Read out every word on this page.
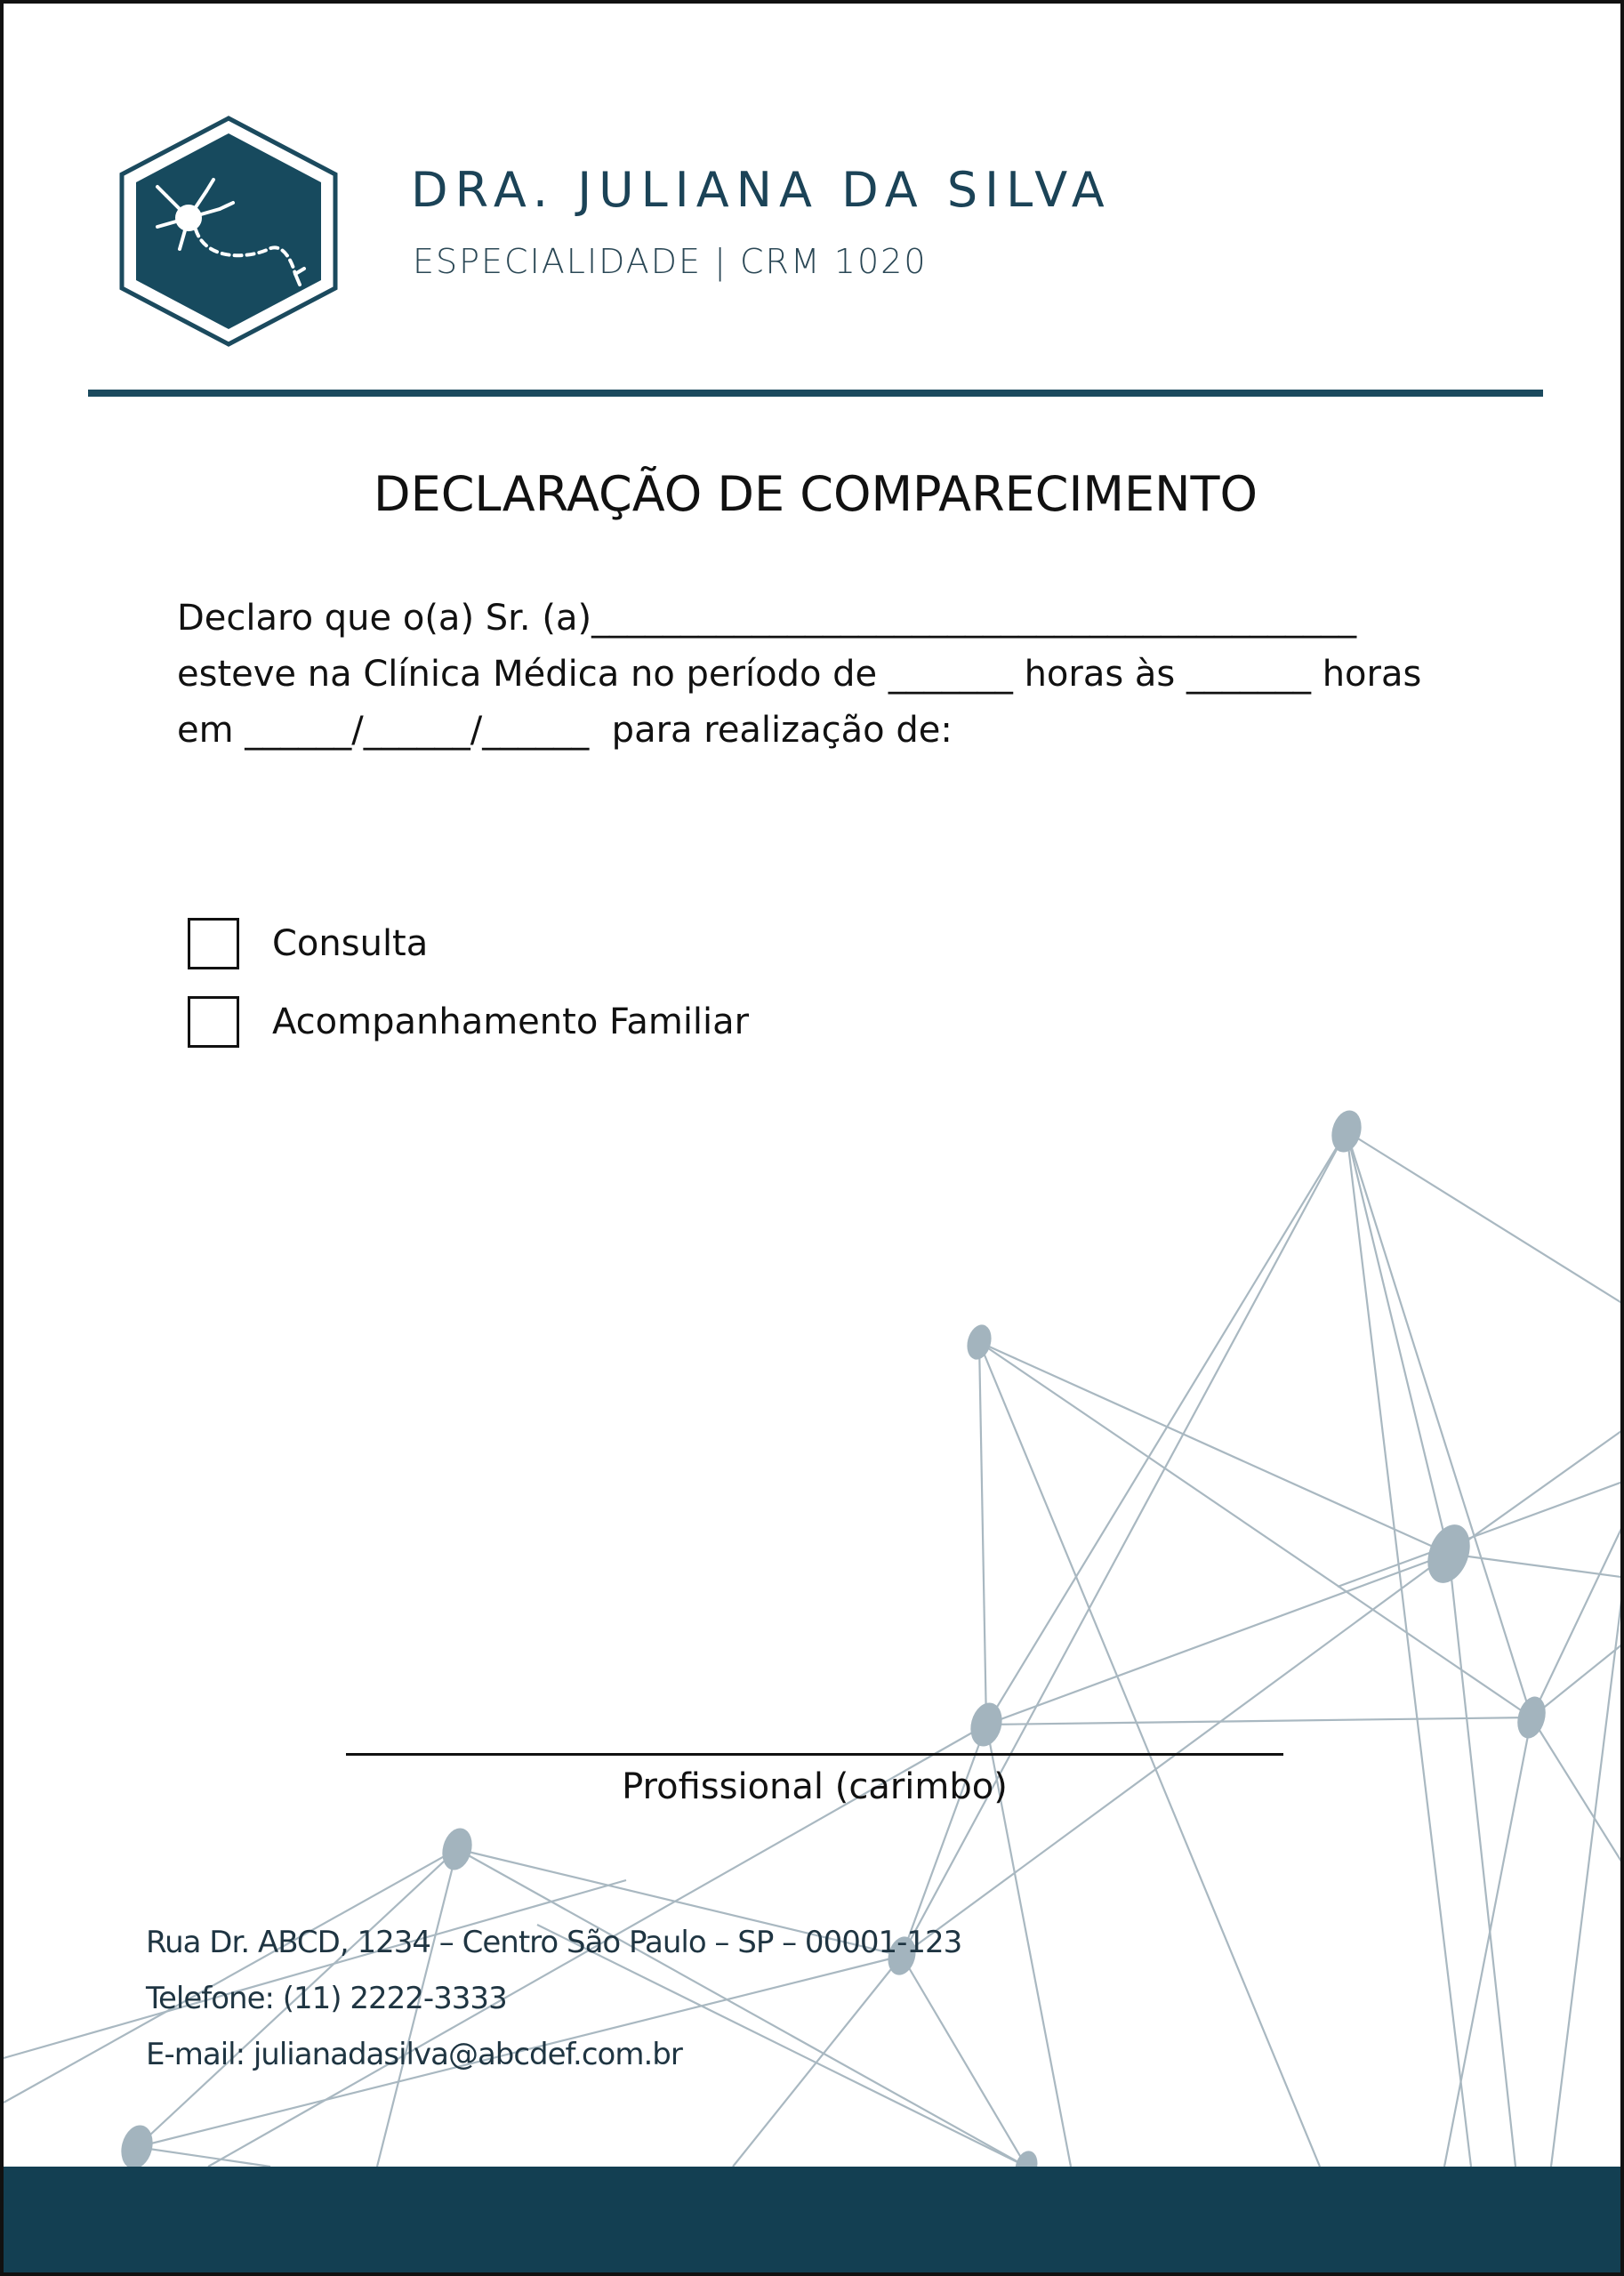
DRA. JULIANA DA SILVA
ESPECIALIDADE | CRM 1020
DECLARAÇÃO DE COMPARECIMENTO
Declaro que o(a) Sr. (a)___________________________________________
esteve na Clínica Médica no período de _______ horas às _______ horas
em ______/______/______  para realização de:
Consulta
Acompanhamento Familiar
Profissional (carimbo)
Rua Dr. ABCD, 1234 – Centro São Paulo – SP – 00001-123
Telefone: (11) 2222-3333
E-mail: julianadasilva@abcdef.com.br
